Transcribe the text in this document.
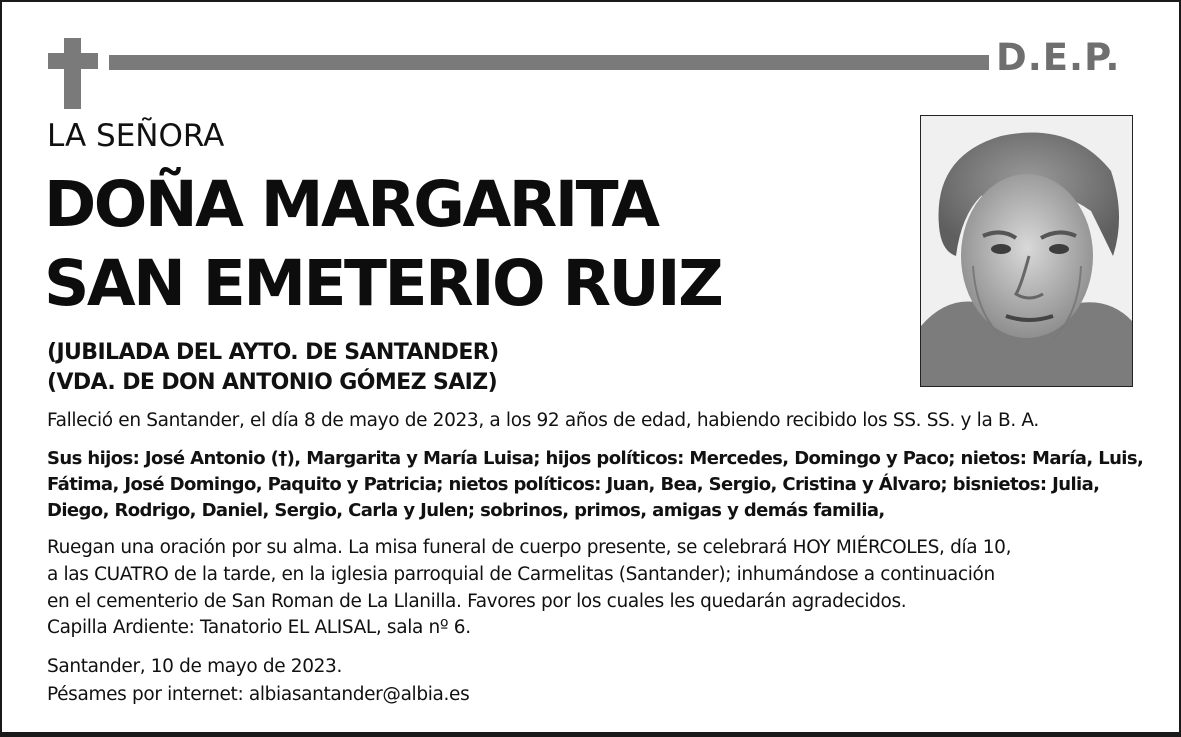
D.E.P.
LA SEÑORA
DOÑA MARGARITA
SAN EMETERIO RUIZ
(JUBILADA DEL AYTO. DE SANTANDER)
(VDA. DE DON ANTONIO GÓMEZ SAIZ)
Falleció en Santander, el día 8 de mayo de 2023, a los 92 años de edad, habiendo recibido los SS. SS. y la B. A.
Sus hijos: José Antonio (†), Margarita y María Luisa; hijos políticos: Mercedes, Domingo y Paco; nietos: María, Luis,
Fátima, José Domingo, Paquito y Patricia; nietos políticos: Juan, Bea, Sergio, Cristina y Álvaro; bisnietos: Julia,
Diego, Rodrigo, Daniel, Sergio, Carla y Julen; sobrinos, primos, amigas y demás familia,
Ruegan una oración por su alma. La misa funeral de cuerpo presente, se celebrará HOY MIÉRCOLES, día 10,
a las CUATRO de la tarde, en la iglesia parroquial de Carmelitas (Santander); inhumándose a continuación
en el cementerio de San Roman de La Llanilla. Favores por los cuales les quedarán agradecidos.
Capilla Ardiente: Tanatorio EL ALISAL, sala nº 6.
Santander, 10 de mayo de 2023.
Pésames por internet: albiasantander@albia.es
